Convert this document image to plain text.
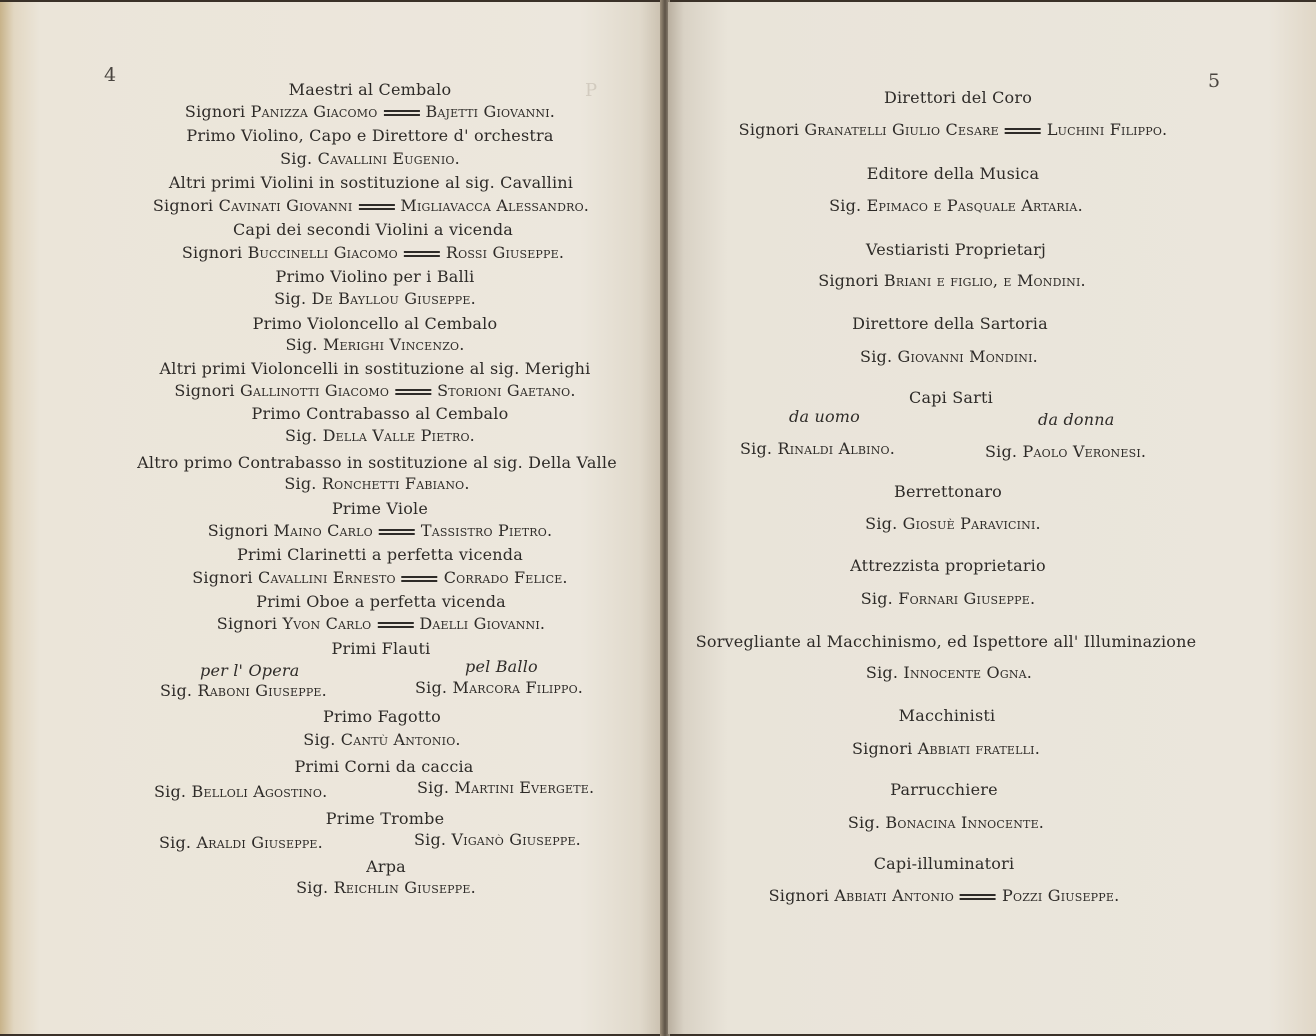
P
4
Maestri al Cembalo
Signori Panizza Giacomo	Bajetti Giovanni.
Primo Violino, Capo e Direttore d' orchestra
Sig. Cavallini Eugenio.
Altri primi Violini in sostituzione al sig. Cavallini
Signori Cavinati Giovanni	Migliavacca Alessandro.
Capi dei secondi Violini a vicenda
Signori Buccinelli Giacomo	Rossi Giuseppe.
Primo Violino per i Balli
Sig. De Bayllou Giuseppe.
Primo Violoncello al Cembalo
Sig. Merighi Vincenzo.
Altri primi Violoncelli in sostituzione al sig. Merighi
Signori Gallinotti Giacomo	Storioni Gaetano.
Primo Contrabasso al Cembalo
Sig. Della Valle Pietro.
Altro primo Contrabasso in sostituzione al sig. Della Valle
Sig. Ronchetti Fabiano.
Prime Viole
Signori Maino Carlo	Tassistro Pietro.
Primi Clarinetti a perfetta vicenda
Signori Cavallini Ernesto	Corrado Felice.
Primi Oboe a perfetta vicenda
Signori Yvon Carlo	Daelli Giovanni.
Primi Flauti
per l' Opera	pel Ballo
Sig. Raboni Giuseppe.	Sig. Marcora Filippo.
Primo Fagotto
Sig. Cantù Antonio.
Primi Corni da caccia
Sig. Belloli Agostino.	Sig. Martini Evergete.
Prime Trombe
Sig. Araldi Giuseppe.	Sig. Viganò Giuseppe.
Arpa
Sig. Reichlin Giuseppe.
5
Direttori del Coro
Signori Granatelli Giulio Cesare	Luchini Filippo.
Editore della Musica
Sig. Epimaco e Pasquale Artaria.
Vestiaristi Proprietarj
Signori Briani e figlio, e Mondini.
Direttore della Sartoria
Sig. Giovanni Mondini.
Capi Sarti
da uomo	da donna
Sig. Rinaldi Albino.	Sig. Paolo Veronesi.
Berrettonaro
Sig. Giosuè Paravicini.
Attrezzista proprietario
Sig. Fornari Giuseppe.
Sorvegliante al Macchinismo, ed Ispettore all' Illuminazione
Sig. Innocente Ogna.
Macchinisti
Signori Abbiati fratelli.
Parrucchiere
Sig. Bonacina Innocente.
Capi-illuminatori
Signori Abbiati Antonio	Pozzi Giuseppe.
